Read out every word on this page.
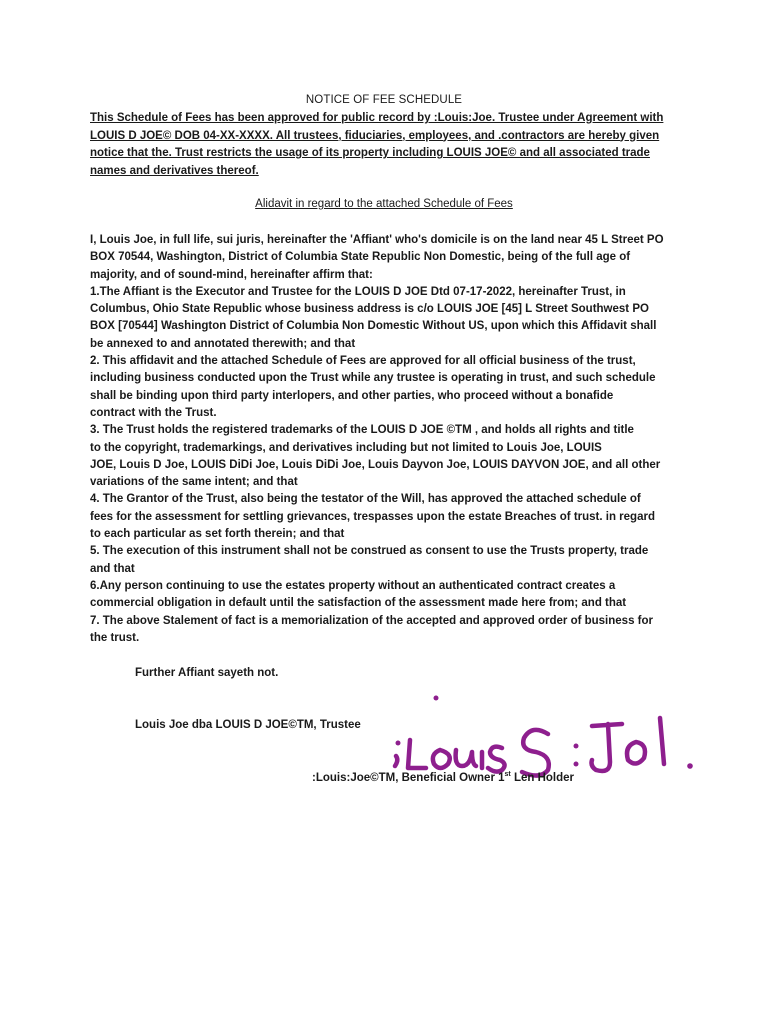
NOTICE OF FEE SCHEDULE
This Schedule of Fees has been approved for public record by :Louis:Joe. Trustee under Agreement with
LOUIS D JOE© DOB 04-XX-XXXX. All trustees, fiduciaries, employees, and .contractors are hereby given
notice that the. Trust restricts the usage of its property including LOUIS JOE© and all associated trade
names and derivatives thereof.
Alidavit in regard to the attached Schedule of Fees

I, Louis Joe, in full life, sui juris, hereinafter the 'Affiant' who's domicile is on the land near 45 L Street PO

BOX 70544, Washington, District of Columbia State Republic Non Domestic, being of the full age of

majority, and of sound-mind, hereinafter affirm that:

1.The Affiant is the Executor and Trustee for the LOUIS D JOE Dtd 07-17-2022, hereinafter Trust, in

Columbus, Ohio State Republic whose business address is c/o LOUIS JOE [45] L Street Southwest PO

BOX [70544] Washington District of Columbia Non Domestic Without US, upon which this Affidavit shall

be annexed to and annotated therewith; and that

2. This affidavit and the attached Schedule of Fees are approved for all official business of the trust,

including business conducted upon the Trust while any trustee is operating in trust, and such schedule

shall be binding upon third party interlopers, and other parties, who proceed without a bonafide

contract with the Trust.

3. The Trust holds the registered trademarks of the LOUIS D JOE ©TM , and holds all rights and title

to the copyright, trademarkings, and derivatives including but not limited to Louis Joe, LOUIS

JOE, Louis D Joe, LOUIS DiDi Joe, Louis DiDi Joe, Louis Dayvon Joe, LOUIS DAYVON JOE, and all other

variations of the same intent; and that

4. The Grantor of the Trust, also being the testator of the Will, has approved the attached schedule of

fees for the assessment for settling grievances, trespasses upon the estate Breaches of trust. in regard

to each particular as set forth therein; and that

5. The execution of this instrument shall not be construed as consent to use the Trusts property, trade

and that

6.Any person continuing to use the estates property without an authenticated contract creates a

commercial obligation in default until the satisfaction of the assessment made here from; and that

7. The above Stalement of fact is a memorialization of the accepted and approved order of business for

the trust.

Further Affiant sayeth not.
Louis Joe dba LOUIS D JOE©TM, Trustee
:Louis:Joe©TM, Beneficial Owner 1st Len Holder
